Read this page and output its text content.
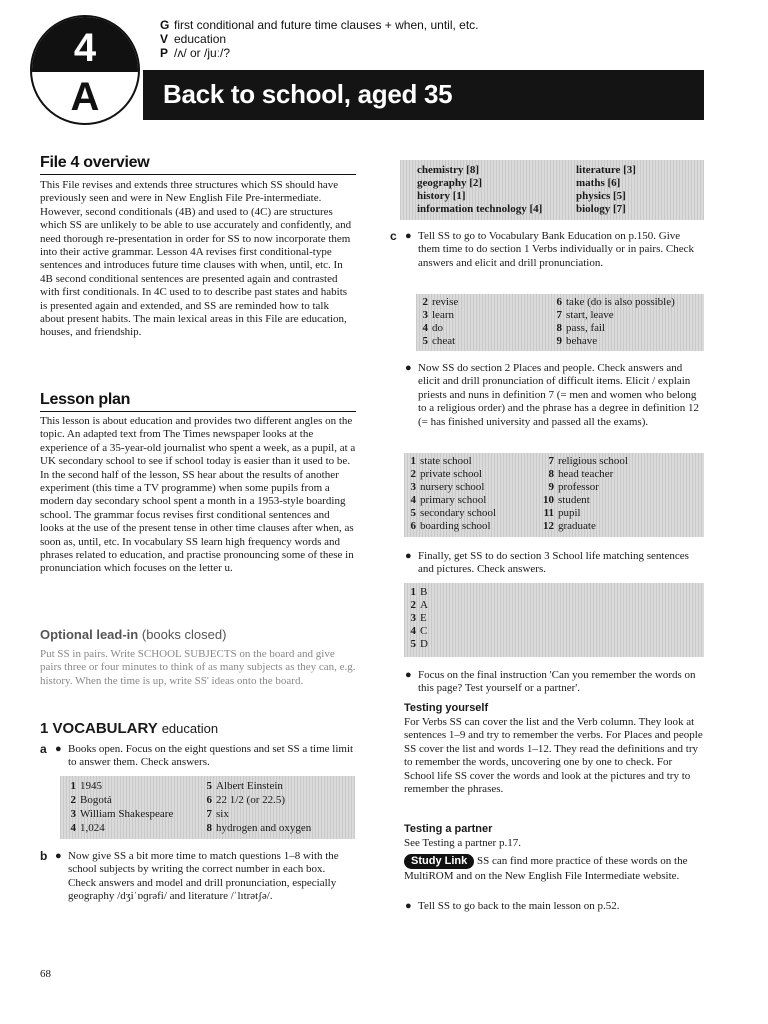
4
A
G first conditional and future time clauses + when, until, etc.
V education
P /ʌ/ or /juː/?
Back to school, aged 35
File 4 overview
This File revises and extends three structures which SS should have previously seen and were in New English File Pre-intermediate. However, second conditionals (4B) and used to (4C) are structures which SS are unlikely to be able to use accurately and confidently, and need thorough re-presentation in order for SS to now incorporate them into their active grammar. Lesson 4A revises first conditional-type sentences and introduces future time clauses with when, until, etc. In 4B second conditional sentences are presented again and contrasted with first conditionals. In 4C used to to describe past states and habits is presented again and extended, and SS are reminded how to talk about present habits. The main lexical areas in this File are education, houses, and friendship.
Lesson plan
This lesson is about education and provides two different angles on the topic. An adapted text from The Times newspaper looks at the experience of a 35-year-old journalist who spent a week, as a pupil, at a UK secondary school to see if school today is easier than it used to be. In the second half of the lesson, SS hear about the results of another experiment (this time a TV programme) when some pupils from a modern day secondary school spent a month in a 1953-style boarding school. The grammar focus revises first conditional sentences and looks at the use of the present tense in other time clauses after when, as soon as, until, etc. In vocabulary SS learn high frequency words and phrases related to education, and practise pronouncing some of these in pronunciation which focuses on the letter u.
Optional lead-in (books closed)
Put SS in pairs. Write SCHOOL SUBJECTS on the board and give pairs three or four minutes to think of as many subjects as they can, e.g. history. When the time is up, write SS' ideas onto the board.
1 VOCABULARY education
a ● Books open. Focus on the eight questions and set SS a time limit to answer them. Check answers.
1 1945	5 Albert Einstein
2 Bogotá	6 22 1/2 (or 22.5)
3 William Shakespeare	7 six
4 1,024	8 hydrogen and oxygen
b ● Now give SS a bit more time to match questions 1–8 with the school subjects by writing the correct number in each box. Check answers and model and drill pronunciation, especially geography /dʒiˈɒɡrəfi/ and literature /ˈlɪtrətʃə/.
68
chemistry [8]	literature [3]
geography [2]	maths [6]
history [1]	physics [5]
information technology [4]	biology [7]
c ● Tell SS to go to Vocabulary Bank Education on p.150. Give them time to do section 1 Verbs individually or in pairs. Check answers and elicit and drill pronunciation.
2 revise	6 take (do is also possible)
3 learn	7 start, leave
4 do	8 pass, fail
5 cheat	9 behave
● Now SS do section 2 Places and people. Check answers and elicit and drill pronunciation of difficult items. Elicit / explain priests and nuns in definition 7 (= men and women who belong to a religious order) and the phrase has a degree in definition 12 (= has finished university and passed all the exams).
1 state school	7 religious school
2 private school	8 head teacher
3 nursery school	9 professor
4 primary school	10 student
5 secondary school	11 pupil
6 boarding school	12 graduate
● Finally, get SS to do section 3 School life matching sentences and pictures. Check answers.
1 B
2 A
3 E
4 C
5 D
● Focus on the final instruction 'Can you remember the words on this page? Test yourself or a partner'.
Testing yourself
For Verbs SS can cover the list and the Verb column. They look at sentences 1–9 and try to remember the verbs. For Places and people SS cover the list and words 1–12. They read the definitions and try to remember the words, uncovering one by one to check. For School life SS cover the words and look at the pictures and try to remember the phrases.
Testing a partner
See Testing a partner p.17.
Study Link SS can find more practice of these words on the MultiROM and on the New English File Intermediate website.
● Tell SS to go back to the main lesson on p.52.
